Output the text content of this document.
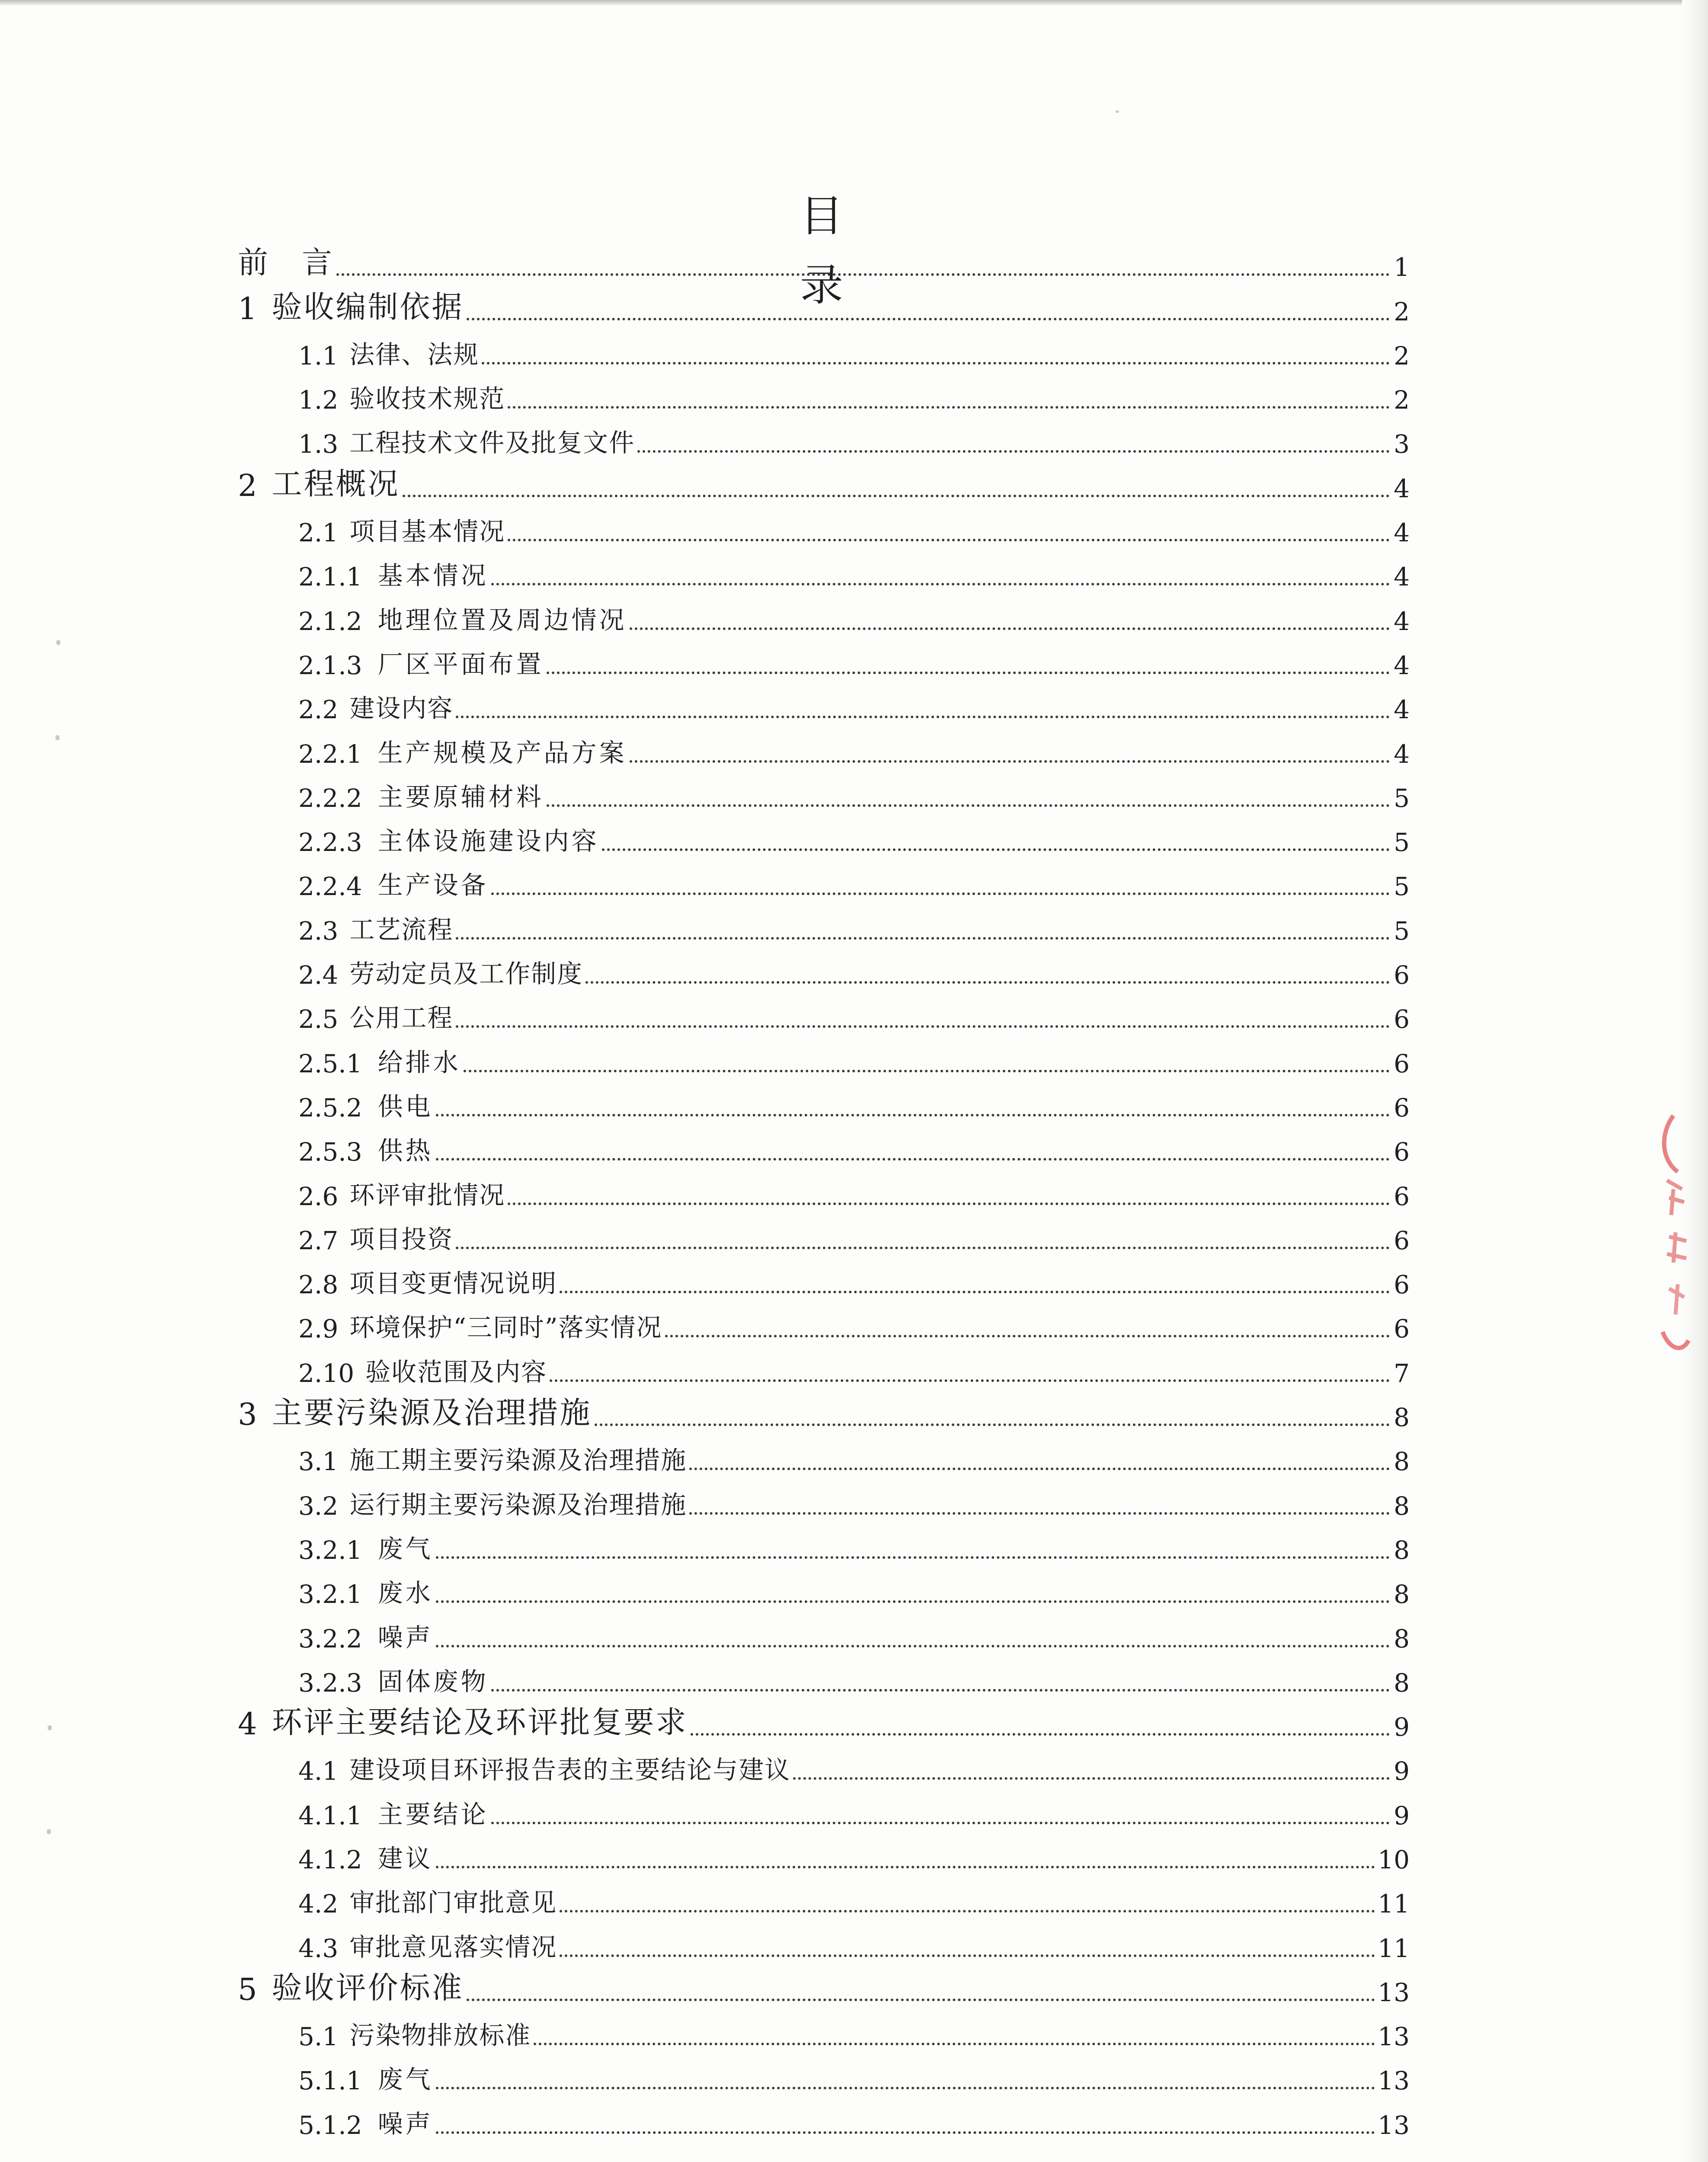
目　录
前　言	1
1 验收编制依据	2
1.1 法律、法规	2
1.2 验收技术规范	2
1.3 工程技术文件及批复文件	3
2 工程概况	4
2.1 项目基本情况	4
2.1.1 基本情况	4
2.1.2 地理位置及周边情况	4
2.1.3 厂区平面布置	4
2.2 建设内容	4
2.2.1 生产规模及产品方案	4
2.2.2 主要原辅材料	5
2.2.3 主体设施建设内容	5
2.2.4 生产设备	5
2.3 工艺流程	5
2.4 劳动定员及工作制度	6
2.5 公用工程	6
2.5.1 给排水	6
2.5.2 供电	6
2.5.3 供热	6
2.6 环评审批情况	6
2.7 项目投资	6
2.8 项目变更情况说明	6
2.9 环境保护“三同时”落实情况	6
2.10 验收范围及内容	7
3 主要污染源及治理措施	8
3.1 施工期主要污染源及治理措施	8
3.2 运行期主要污染源及治理措施	8
3.2.1 废气	8
3.2.1 废水	8
3.2.2 噪声	8
3.2.3 固体废物	8
4 环评主要结论及环评批复要求	9
4.1 建设项目环评报告表的主要结论与建议	9
4.1.1 主要结论	9
4.1.2 建议	10
4.2 审批部门审批意见	11
4.3 审批意见落实情况	11
5 验收评价标准	13
5.1 污染物排放标准	13
5.1.1 废气	13
5.1.2 噪声	13
